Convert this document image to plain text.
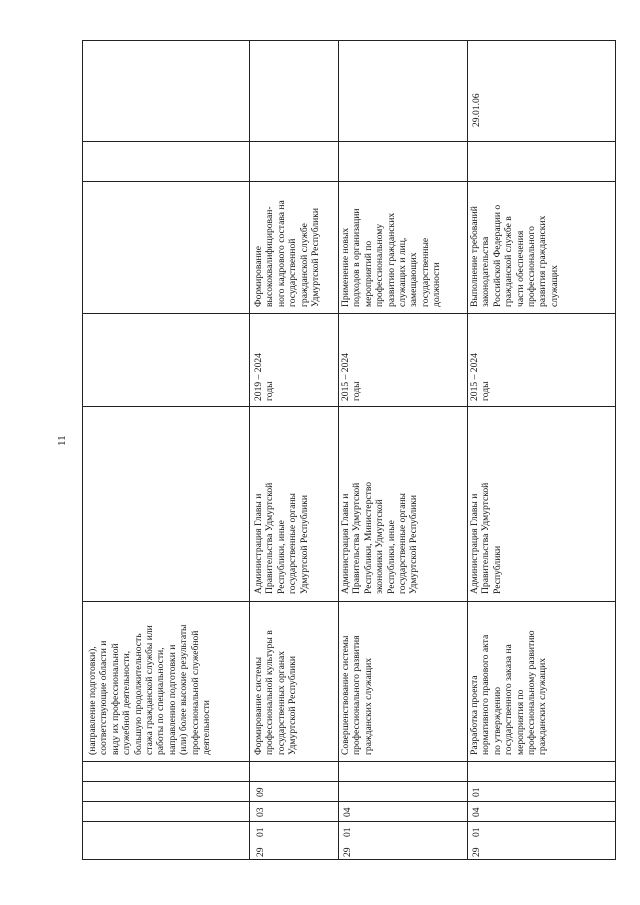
11
(направление подготовки),
соответствующие области и
виду их профессиональной
служебной деятельности,
большую продолжительность
стажа гражданской службы или
работы по специальности,
направлению подготовки и
(или) более высокие результаты
профессиональной служебной
деятельности
29
01
03
09
Формирование системы
профессиональной культуры в
государственных органах
Удмуртской Республики
Администрация Главы и
Правительства Удмуртской
Республики, иные
государственные органы
Удмуртской Республики
2019 – 2024
годы
Формирование
высококвалифицирован-
ного кадрового состава на
государственной
гражданской службе
Удмуртской Республики
29
01
04
Совершенствование системы
профессионального развития
гражданских служащих
Администрация Главы и
Правительства Удмуртской
Республики, Министерство
экономики Удмуртской
Республики, иные
государственные органы
Удмуртской Республики
2015 – 2024
годы
Применение новых
подходов в организации
мероприятий по
профессиональному
развитию гражданских
служащих и лиц,
замещающих
государственные
должности
29
01
04
01
Разработка проекта
нормативного правового акта
по утверждению
государственного заказа на
мероприятия по
профессиональному развитию
гражданских служащих
Администрация Главы и
Правительства Удмуртской
Республики
2015 – 2024
годы
Выполнение требований
законодательства
Российской Федерации о
гражданской службе в
части обеспечения
профессионального
развития гражданских
служащих
29.01.06
